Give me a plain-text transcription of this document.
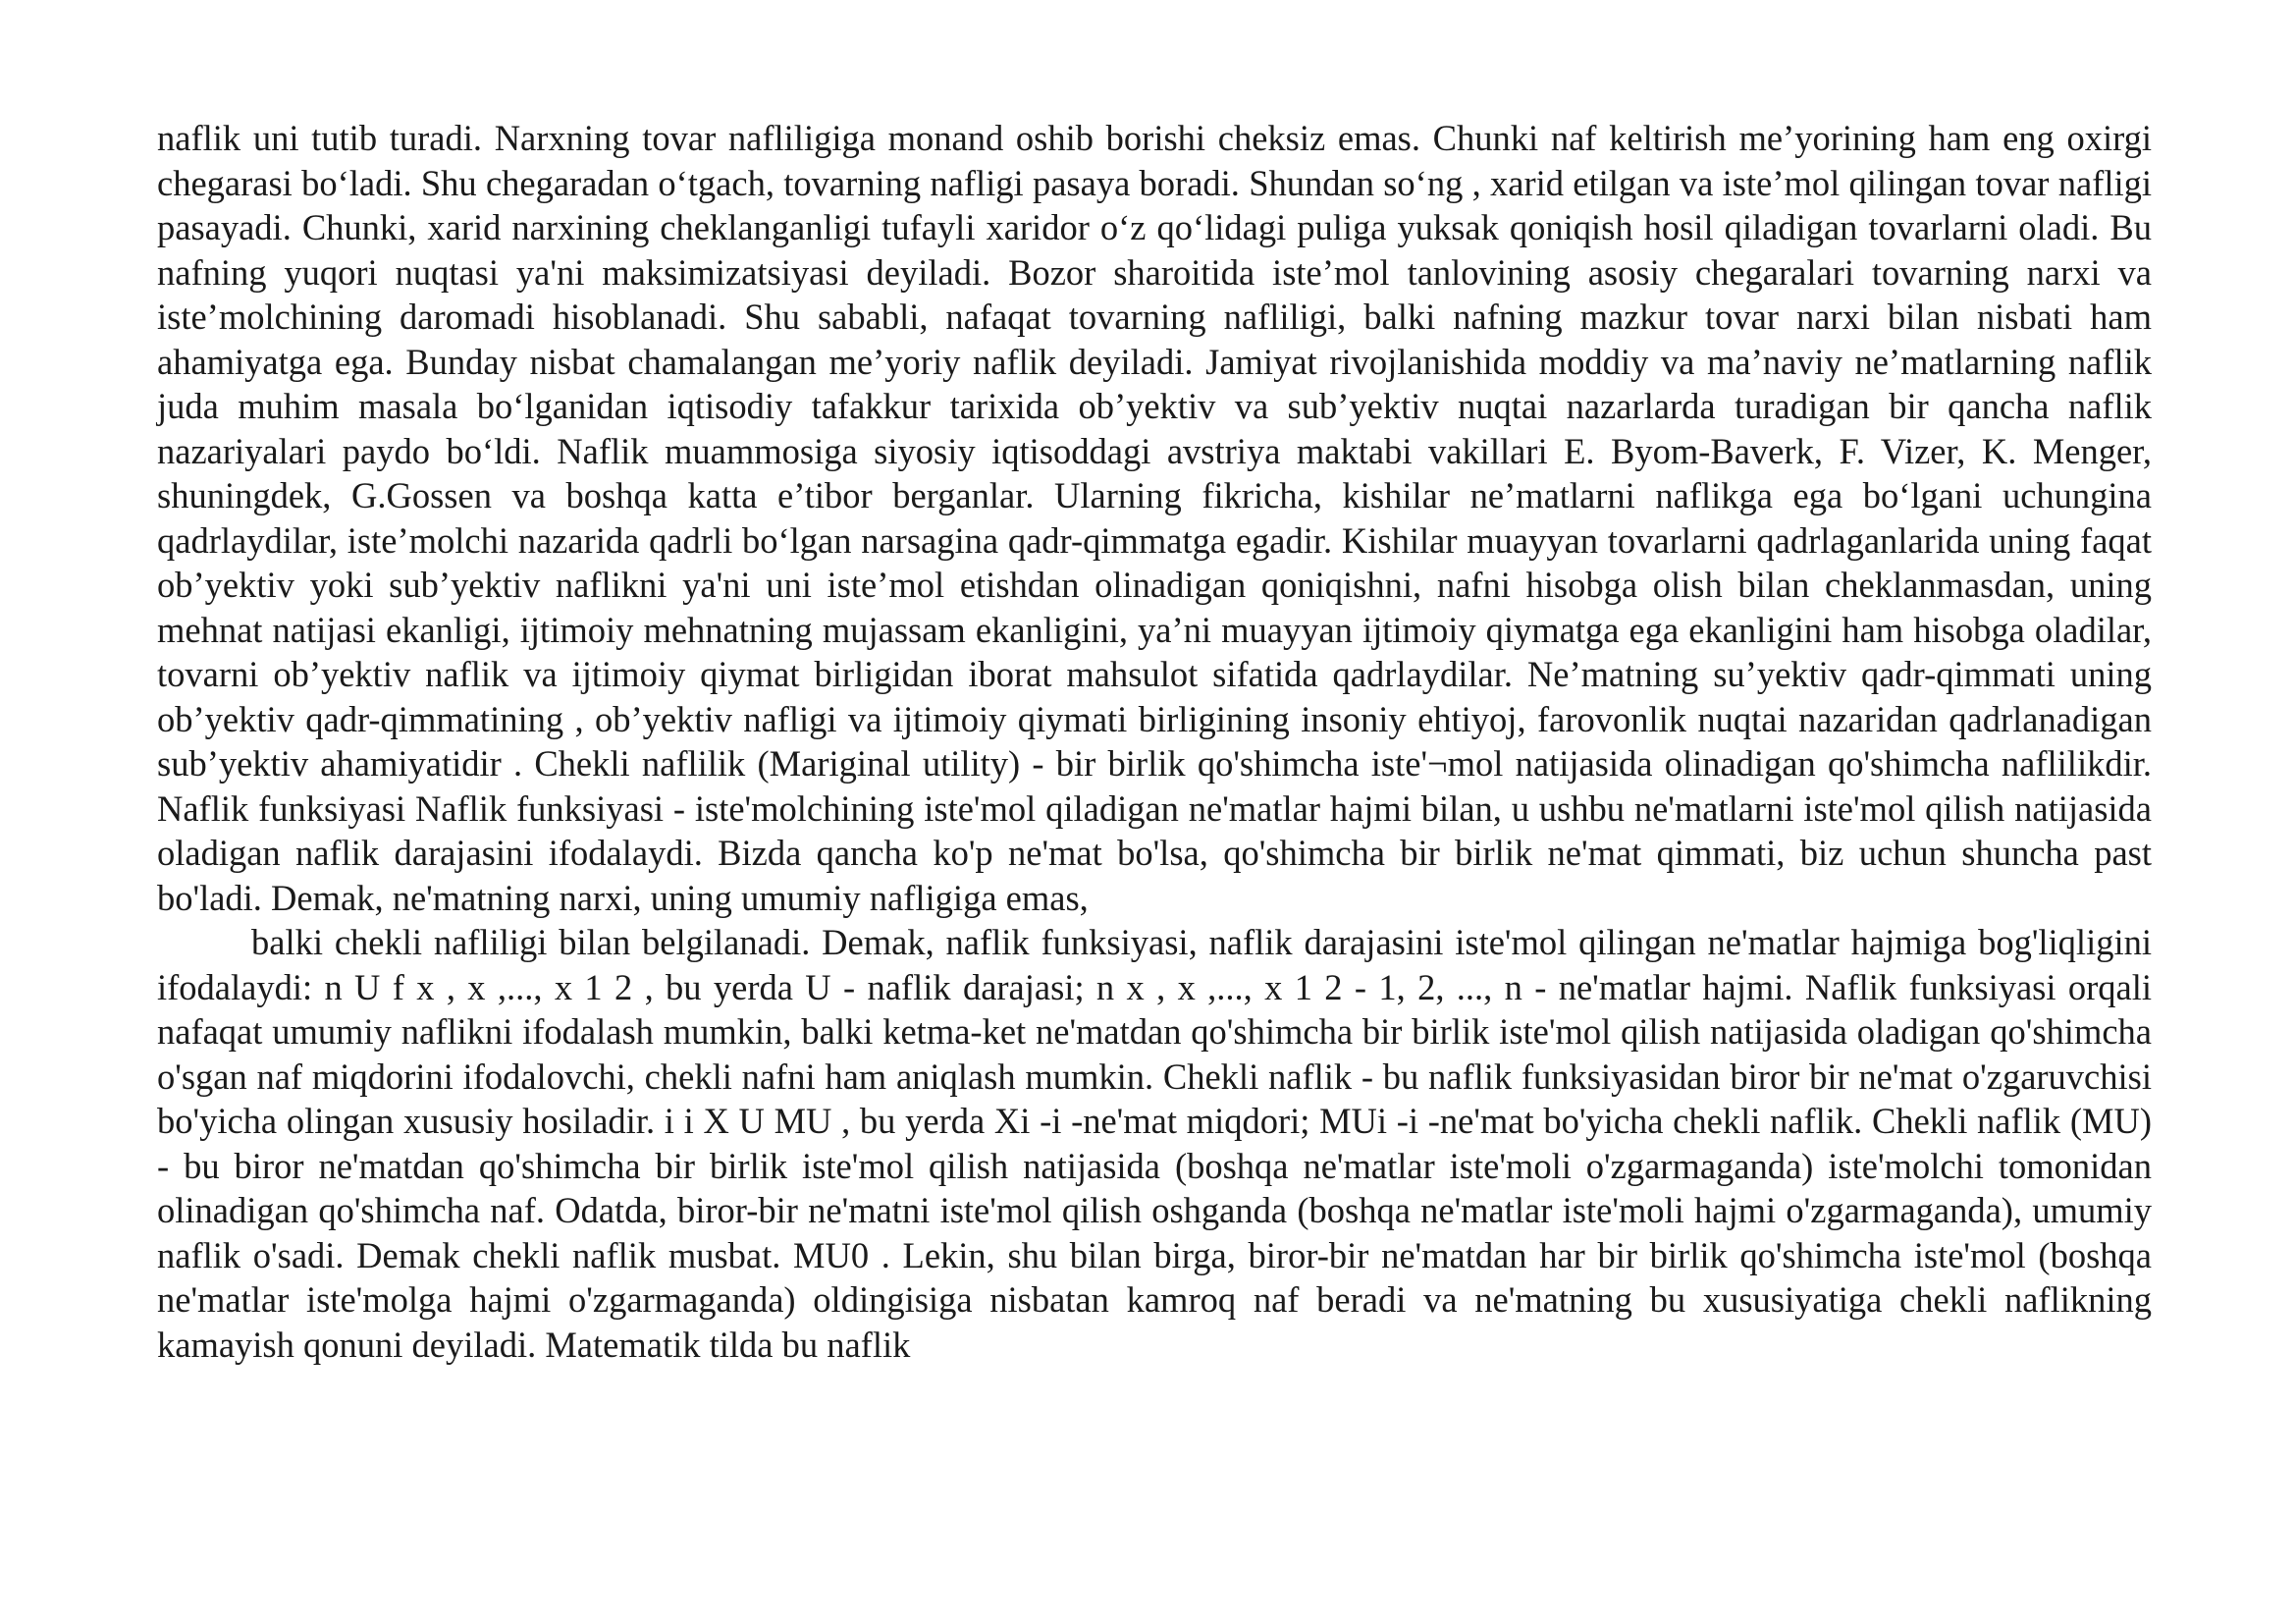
naflik uni tutib turadi. Narxning tovar nafliligiga monand oshib borishi cheksiz emas. Chunki naf keltirish me’yorining ham eng oxirgi chegarasi bo‘ladi. Shu chegaradan o‘tgach, tovarning nafligi pasaya boradi. Shundan so‘ng , xarid etilgan va iste’mol qilingan tovar nafligi pasayadi. Chunki, xarid narxining cheklanganligi tufayli xaridor o‘z qo‘lidagi puliga yuksak qoniqish hosil qiladigan tovarlarni oladi. Bu nafning yuqori nuqtasi ya'ni maksimizatsiyasi deyiladi. Bozor sharoitida iste’mol tanlovining asosiy chegaralari tovarning narxi va iste’molchining daromadi hisoblanadi. Shu sababli, nafaqat tovarning nafliligi, balki nafning mazkur tovar narxi bilan nisbati ham ahamiyatga ega. Bunday nisbat chamalangan me’yoriy naflik deyiladi. Jamiyat rivojlanishida moddiy va ma’naviy ne’matlarning naflik juda muhim masala bo‘lganidan iqtisodiy tafakkur tarixida ob’yektiv va sub’yektiv nuqtai nazarlarda turadigan bir qancha naflik nazariyalari paydo bo‘ldi. Naflik muammosiga siyosiy iqtisoddagi avstriya maktabi vakillari E. Byom-Baverk, F. Vizer, K. Menger, shuningdek, G.Gossen va boshqa katta e’tibor berganlar. Ularning fikricha, kishilar ne’matlarni naflikga ega bo‘lgani uchungina qadrlaydilar, iste’molchi nazarida qadrli bo‘lgan narsagina qadr-qimmatga egadir. Kishilar muayyan tovarlarni qadrlaganlarida uning faqat ob’yektiv yoki sub’yektiv naflikni ya'ni uni iste’mol etishdan olinadigan qoniqishni, nafni hisobga olish bilan cheklanmasdan, uning mehnat natijasi ekanligi, ijtimoiy mehnatning mujassam ekanligini, ya’ni muayyan ijtimoiy qiymatga ega ekanligini ham hisobga oladilar, tovarni ob’yektiv naflik va ijtimoiy qiymat birligidan iborat mahsulot sifatida qadrlaydilar. Ne’matning su’yektiv qadr-qimmati uning ob’yektiv qadr-qimmatining , ob’yektiv nafligi va ijtimoiy qiymati birligining insoniy ehtiyoj, farovonlik nuqtai nazaridan qadrlanadigan sub’yektiv ahamiyatidir . Chekli naflilik (Mariginal utility) - bir birlik qo'shimcha iste'¬mol natijasida olinadigan qo'shimcha naflilikdir. Naflik funksiyasi Naflik funksiyasi - iste'molchining iste'mol qiladigan ne'matlar hajmi bilan, u ushbu ne'matlarni iste'mol qilish natijasida oladigan naflik darajasini ifodalaydi. Bizda qancha ko'p ne'mat bo'lsa, qo'shimcha bir birlik ne'mat qimmati, biz uchun shuncha past bo'ladi. Demak, ne'matning narxi, uning umumiy nafligiga emas,

balki chekli nafliligi bilan belgilanadi. Demak, naflik funksiyasi, naflik darajasini iste'mol qilingan ne'matlar hajmiga bog'liqligini ifodalaydi: n U f x , x ,..., x 1 2 , bu yerda U - naflik darajasi; n x , x ,..., x 1 2 - 1, 2, ..., n - ne'matlar hajmi. Naflik funksiyasi orqali nafaqat umumiy naflikni ifodalash mumkin, balki ketma-ket ne'matdan qo'shimcha bir birlik iste'mol qilish natijasida oladigan qo'shimcha o'sgan naf miqdorini ifodalovchi, chekli nafni ham aniqlash mumkin. Chekli naflik - bu naflik funksiyasidan biror bir ne'mat o'zgaruvchisi bo'yicha olingan xususiy hosiladir. i i X U MU , bu yerda Xi -i -ne'mat miqdori; MUi -i -ne'mat bo'yicha chekli naflik. Chekli naflik (MU) - bu biror ne'matdan qo'shimcha bir birlik iste'mol qilish natijasida (boshqa ne'matlar iste'moli o'zgarmaganda) iste'molchi tomonidan olinadigan qo'shimcha naf. Odatda, biror-bir ne'matni iste'mol qilish oshganda (boshqa ne'matlar iste'moli hajmi o'zgarmaganda), umumiy naflik o'sadi. Demak chekli naflik musbat. MU0 . Lekin, shu bilan birga, biror-bir ne'matdan har bir birlik qo'shimcha iste'mol (boshqa ne'matlar iste'molga hajmi o'zgarmaganda) oldingisiga nisbatan kamroq naf beradi va ne'matning bu xususiyatiga chekli naflikning kamayish qonuni deyiladi. Matematik tilda bu naflik
